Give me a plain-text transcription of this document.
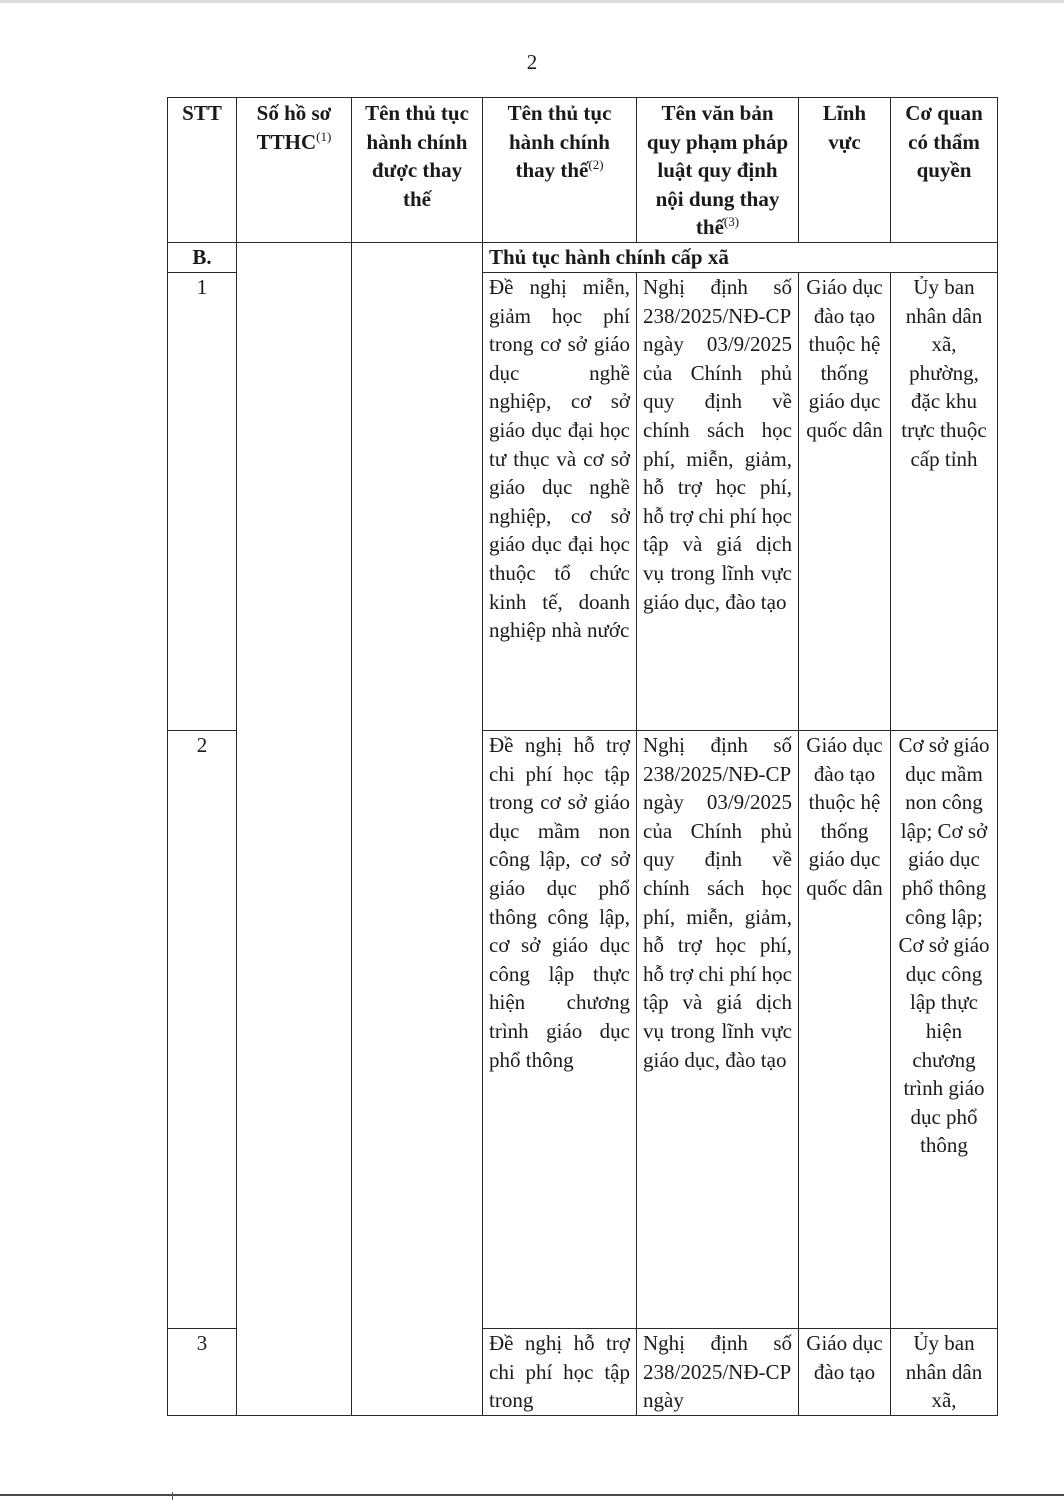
2
STT	Số hồ sơ TTHC$^{(1)}$	Tên thủ tục hành chính được thay thế	Tên thủ tục hành chính thay thế$^{(2)}$	Tên văn bản quy phạm pháp luật quy định nội dung thay thế$^{(3)}$	Lĩnh vực	Cơ quan có thẩm quyền
B.			Thủ tục hành chính cấp xã			
1			Đề nghị miễn, giảm học phí trong cơ sở giáo dục nghề nghiệp, cơ sở giáo dục đại học tư thục và cơ sở giáo dục nghề nghiệp, cơ sở giáo dục đại học thuộc tổ chức kinh tế, doanh nghiệp nhà nước	Nghị định số 238/2025/NĐ-CP ngày 03/9/2025 của Chính phủ quy định về chính sách học phí, miễn, giảm, hỗ trợ học phí, hỗ trợ chi phí học tập và giá dịch vụ trong lĩnh vực giáo dục, đào tạo	Giáo dục đào tạo thuộc hệ thống giáo dục quốc dân	Ủy ban nhân dân xã, phường, đặc khu trực thuộc cấp tỉnh
2			Đề nghị hỗ trợ chi phí học tập trong cơ sở giáo dục mầm non công lập, cơ sở giáo dục phổ thông công lập, cơ sở giáo dục công lập thực hiện chương trình giáo dục phổ thông	Nghị định số 238/2025/NĐ-CP ngày 03/9/2025 của Chính phủ quy định về chính sách học phí, miễn, giảm, hỗ trợ học phí, hỗ trợ chi phí học tập và giá dịch vụ trong lĩnh vực giáo dục, đào tạo	Giáo dục đào tạo thuộc hệ thống giáo dục quốc dân	Cơ sở giáo dục mầm non công lập; Cơ sở giáo dục phổ thông công lập; Cơ sở giáo dục công lập thực hiện chương trình giáo dục phổ thông
3			Đề nghị hỗ trợ chi phí học tập trong	Nghị định số 238/2025/NĐ-CP ngày	Giáo dục đào tạo	Ủy ban nhân dân xã,
